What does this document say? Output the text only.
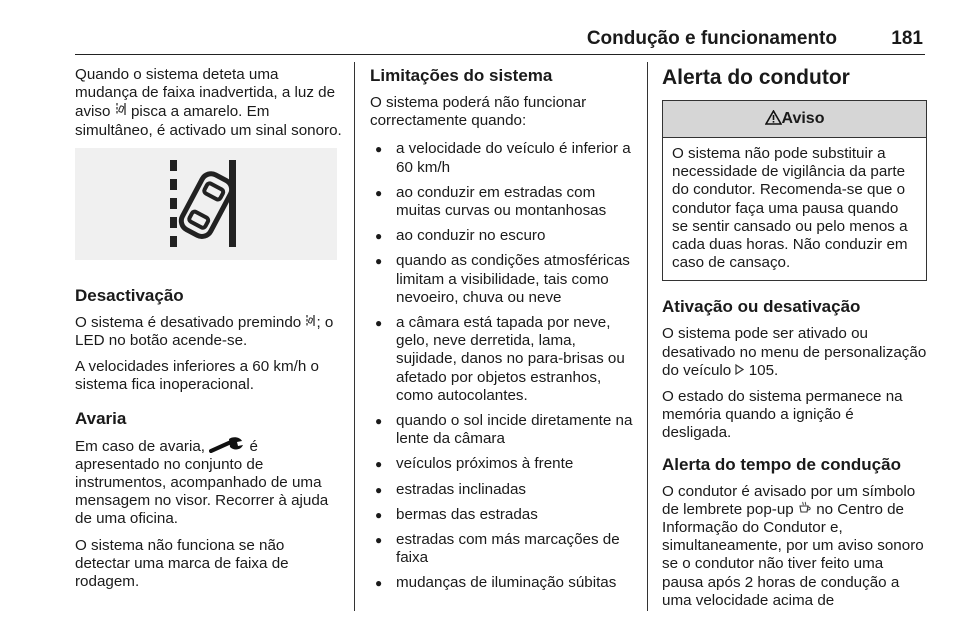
Condução e funcionamento	181

Quando o sistema deteta uma mudança de faixa inadvertida, a luz de aviso pisca a amarelo. Em simultâneo, é activado um sinal sonoro.

Desactivação

O sistema é desativado premindo ; o LED no botão acende-se.

A velocidades inferiores a 60 km/h o sistema fica inoperacional.

Avaria

Em caso de avaria,	é apresentado no conjunto de instrumentos, acompanhado de uma mensagem no visor. Recorrer à ajuda de uma oficina.

O sistema não funciona se não detectar uma marca de faixa de rodagem.

Limitações do sistema

O sistema poderá não funcionar correctamente quando:

● a velocidade do veículo é inferior a 60 km/h
● ao conduzir em estradas com muitas curvas ou montanhosas
● ao conduzir no escuro
● quando as condições atmosféricas limitam a visibilidade, tais como nevoeiro, chuva ou neve
● a câmara está tapada por neve, gelo, neve derretida, lama, sujidade, danos no para-brisas ou afetado por objetos estranhos, como autocolantes.
● quando o sol incide diretamente na lente da câmara
● veículos próximos à frente
● estradas inclinadas
● bermas das estradas
● estradas com más marcações de faixa
● mudanças de iluminação súbitas
Alerta do condutor
Aviso
O sistema não pode substituir a necessidade de vigilância da parte do condutor. Recomenda-se que o condutor faça uma pausa quando se sentir cansado ou pelo menos a cada duas horas. Não conduzir em caso de cansaço.
Ativação ou desativação

O sistema pode ser ativado ou desativado no menu de personalização do veículo 105.

O estado do sistema permanece na memória quando a ignição é desligada.

Alerta do tempo de condução

O condutor é avisado por um símbolo de lembrete pop-up no Centro de Informação do Condutor e, simultaneamente, por um aviso sonoro se o condutor não tiver feito uma pausa após 2 horas de condução a uma velocidade acima de
